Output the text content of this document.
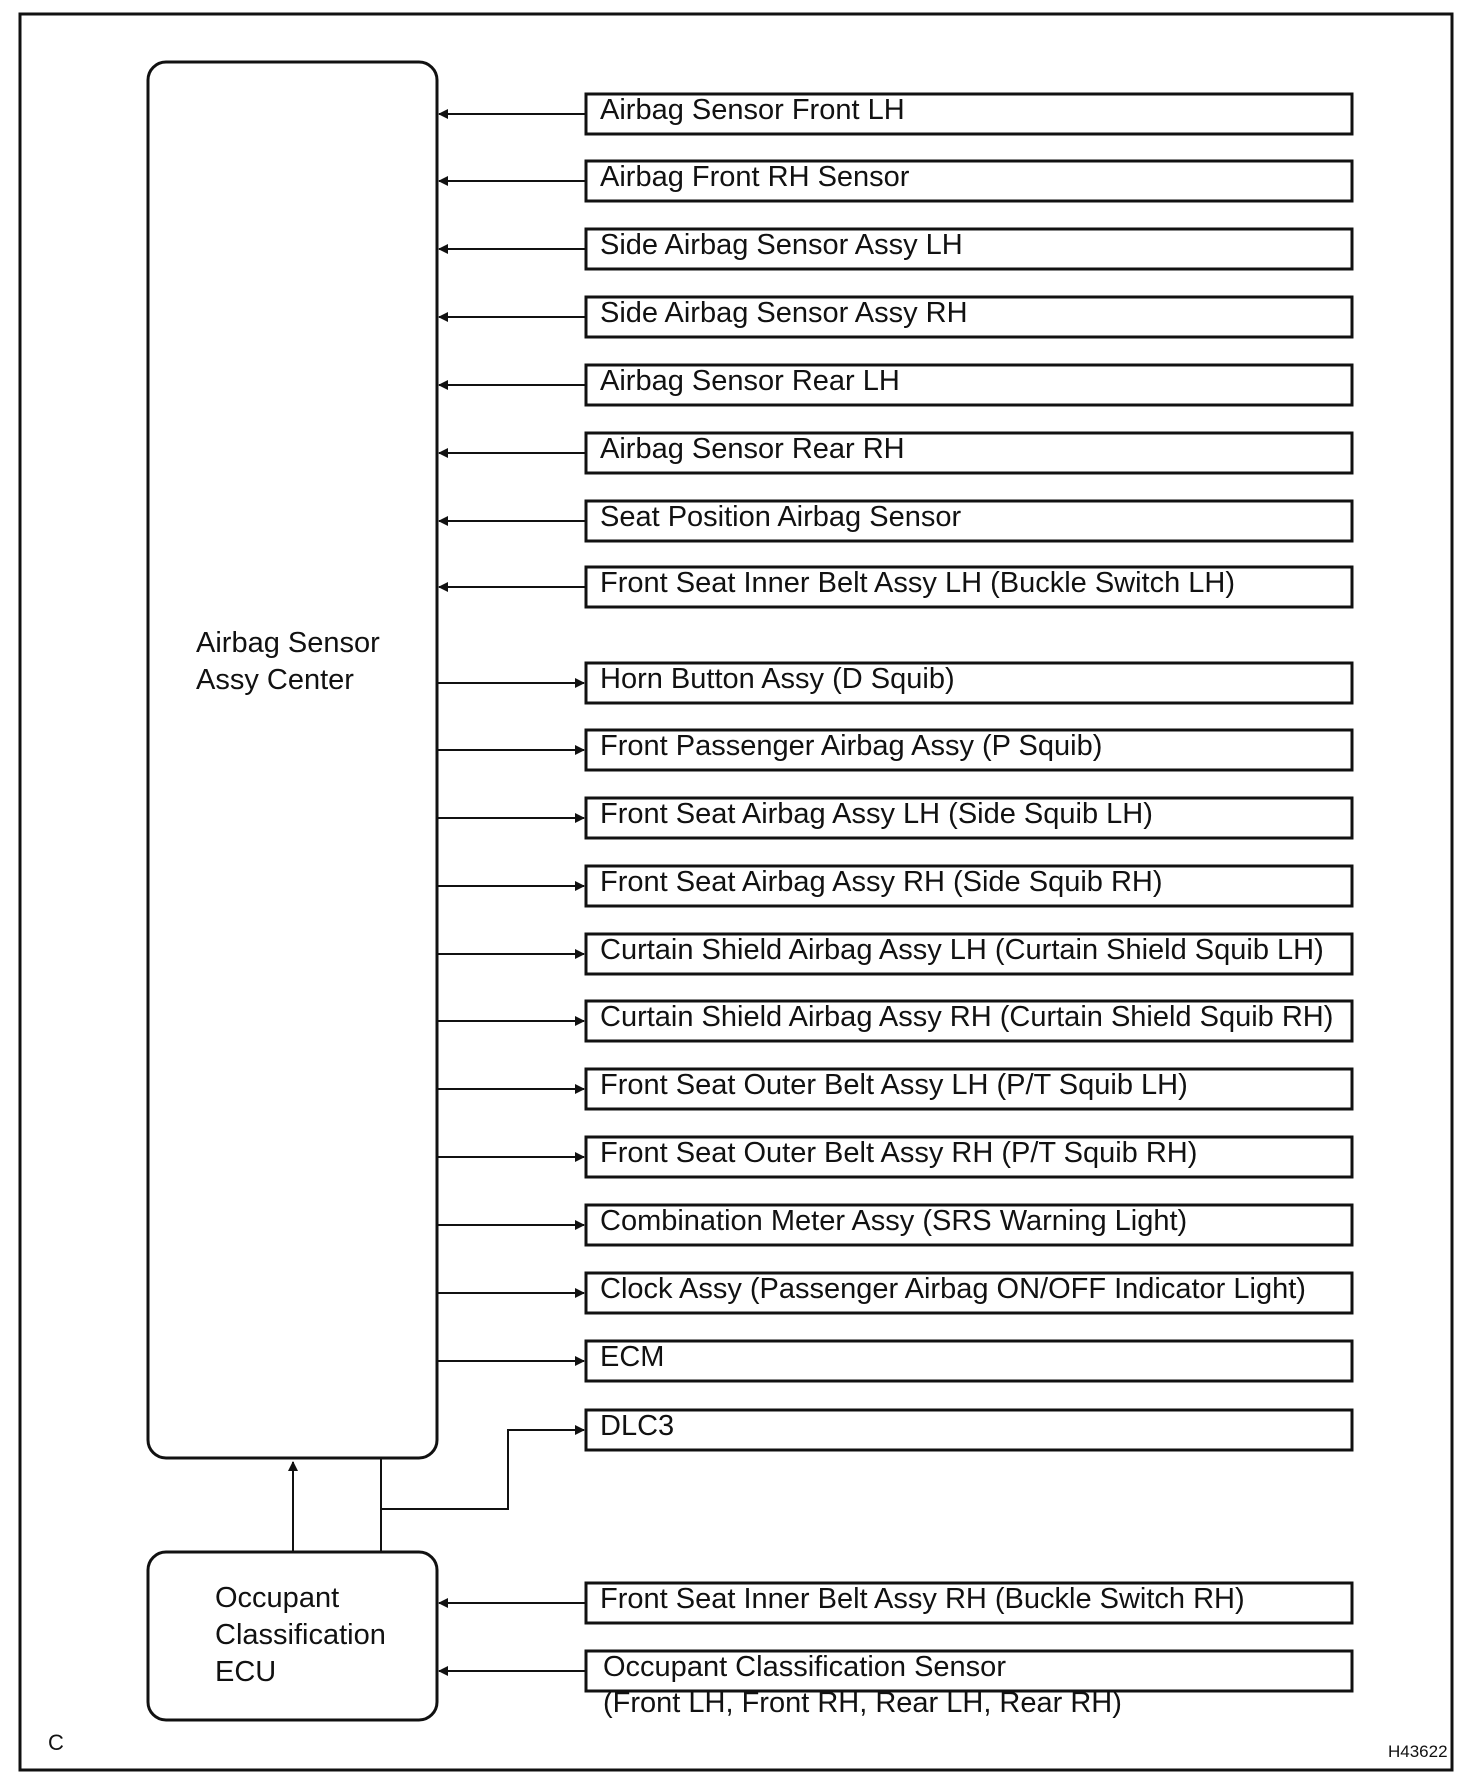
Airbag Sensor
Assy Center
Occupant
Classification
ECU
Airbag Sensor Front LH
Airbag Front RH Sensor
Side Airbag Sensor Assy LH
Side Airbag Sensor Assy RH
Airbag Sensor Rear LH
Airbag Sensor Rear RH
Seat Position Airbag Sensor
Front Seat Inner Belt Assy LH (Buckle Switch LH)
Horn Button Assy (D Squib)
Front Passenger Airbag Assy (P Squib)
Front Seat Airbag Assy LH (Side Squib LH)
Front Seat Airbag Assy RH (Side Squib RH)
Curtain Shield Airbag Assy LH (Curtain Shield Squib LH)
Curtain Shield Airbag Assy RH (Curtain Shield Squib RH)
Front Seat Outer Belt Assy LH (P/T Squib LH)
Front Seat Outer Belt Assy RH (P/T Squib RH)
Combination Meter Assy (SRS Warning Light)
Clock Assy (Passenger Airbag ON/OFF Indicator Light)
ECM
DLC3
Front Seat Inner Belt Assy RH (Buckle Switch RH)
Occupant Classification Sensor
(Front LH, Front RH, Rear LH, Rear RH)
C	H43622
